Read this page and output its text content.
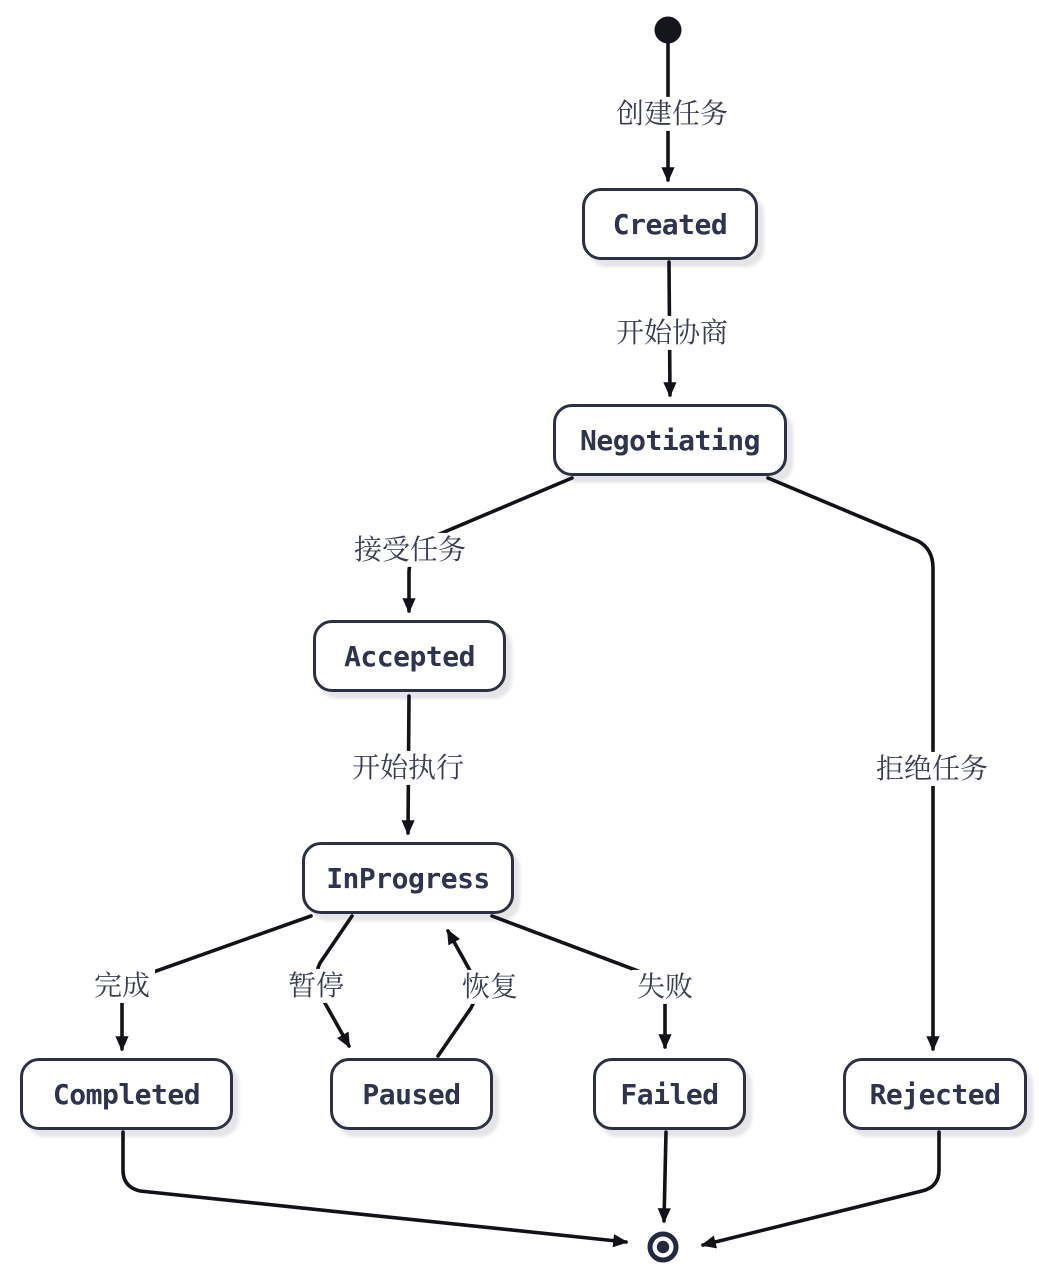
Created
Negotiating
Accepted
InProgress
Completed	Paused	Failed	Rejected
创建任务
开始协商
接受任务
开始执行	拒绝任务
完成	暂停	恢复	失败
